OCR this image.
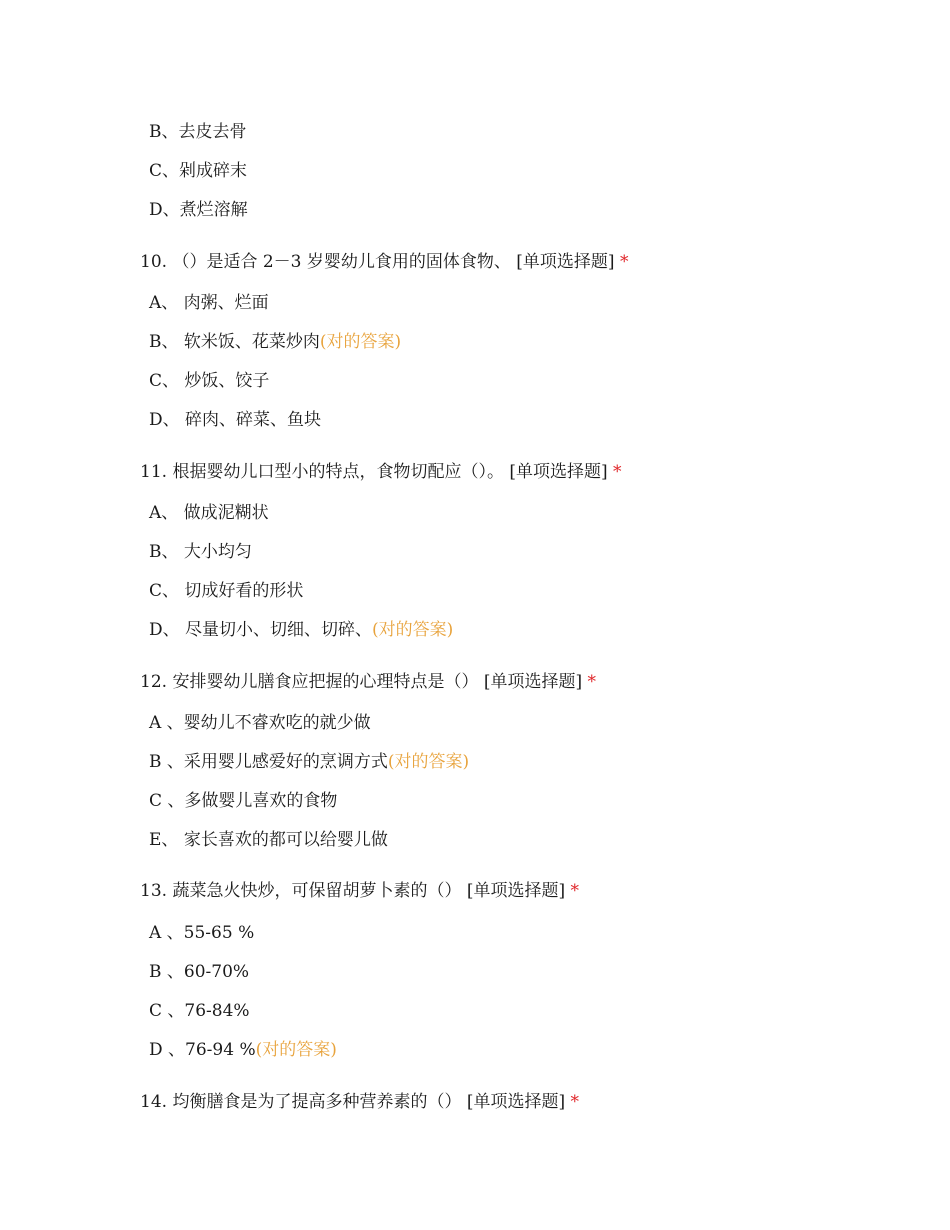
B、去皮去骨
C、剁成碎末
D、煮烂溶解
10. （）是适合 2－3 岁婴幼儿食用的固体食物、 [单项选择题] *
A、 肉粥、烂面
B、 软米饭、花菜炒肉(对的答案)
C、 炒饭、饺子
D、 碎肉、碎菜、鱼块
11. 根据婴幼儿口型小的特点，食物切配应（）。 [单项选择题] *
A、 做成泥糊状
B、 大小均匀
C、 切成好看的形状
D、 尽量切小、切细、切碎、(对的答案)
12. 安排婴幼儿膳食应把握的心理特点是（） [单项选择题] *
A 、婴幼儿不睿欢吃的就少做
B 、采用婴儿感爱好的烹调方式(对的答案)
C 、多做婴儿喜欢的食物
E、 家长喜欢的都可以给婴儿做
13. 蔬菜急火快炒，可保留胡萝卜素的（） [单项选择题] *
A 、55-65 %
B 、60-70%
C 、76-84%
D 、76-94 %(对的答案)
14. 均衡膳食是为了提高多种营养素的（） [单项选择题] *
